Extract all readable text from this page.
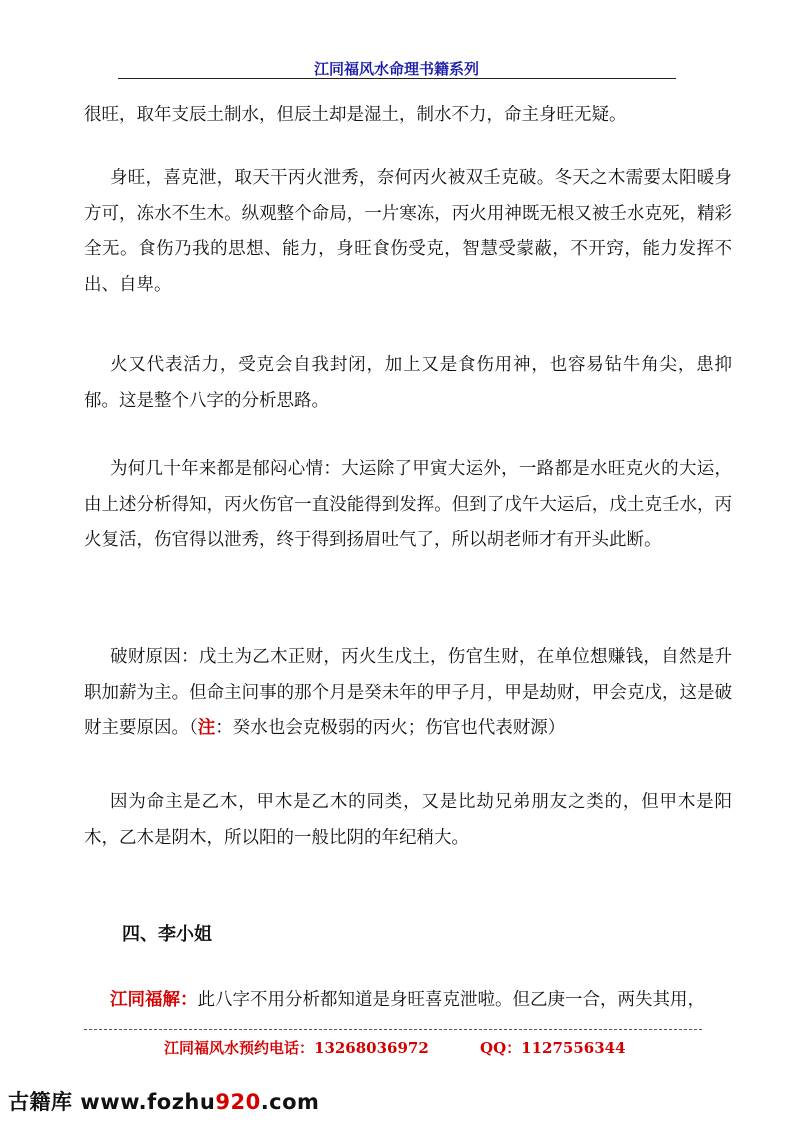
江同福风水命理书籍系列

很旺，取年支辰土制水，但辰土却是湿土，制水不力，命主身旺无疑。

身旺，喜克泄，取天干丙火泄秀，奈何丙火被双壬克破。冬天之木需要太阳暖身方可，冻水不生木。纵观整个命局，一片寒冻，丙火用神既无根又被壬水克死，精彩全无。食伤乃我的思想、能力，身旺食伤受克，智慧受蒙蔽，不开窍，能力发挥不出、自卑。

火又代表活力，受克会自我封闭，加上又是食伤用神，也容易钻牛角尖，患抑郁。这是整个八字的分析思路。

为何几十年来都是郁闷心情：大运除了甲寅大运外，一路都是水旺克火的大运，由上述分析得知，丙火伤官一直没能得到发挥。但到了戊午大运后，戊土克壬水，丙火复活，伤官得以泄秀，终于得到扬眉吐气了，所以胡老师才有开头此断。

破财原因：戊土为乙木正财，丙火生戊土，伤官生财，在单位想赚钱，自然是升职加薪为主。但命主问事的那个月是癸未年的甲子月，甲是劫财，甲会克戊，这是破财主要原因。（注：癸水也会克极弱的丙火；伤官也代表财源）

因为命主是乙木，甲木是乙木的同类，又是比劫兄弟朋友之类的，但甲木是阳木，乙木是阴木，所以阳的一般比阴的年纪稍大。

四、李小姐

江同福解：此八字不用分析都知道是身旺喜克泄啦。但乙庚一合，两失其用，

江同福风水预约电话：13268036972	QQ：1127556344
古籍库 www.fozhu920.com
